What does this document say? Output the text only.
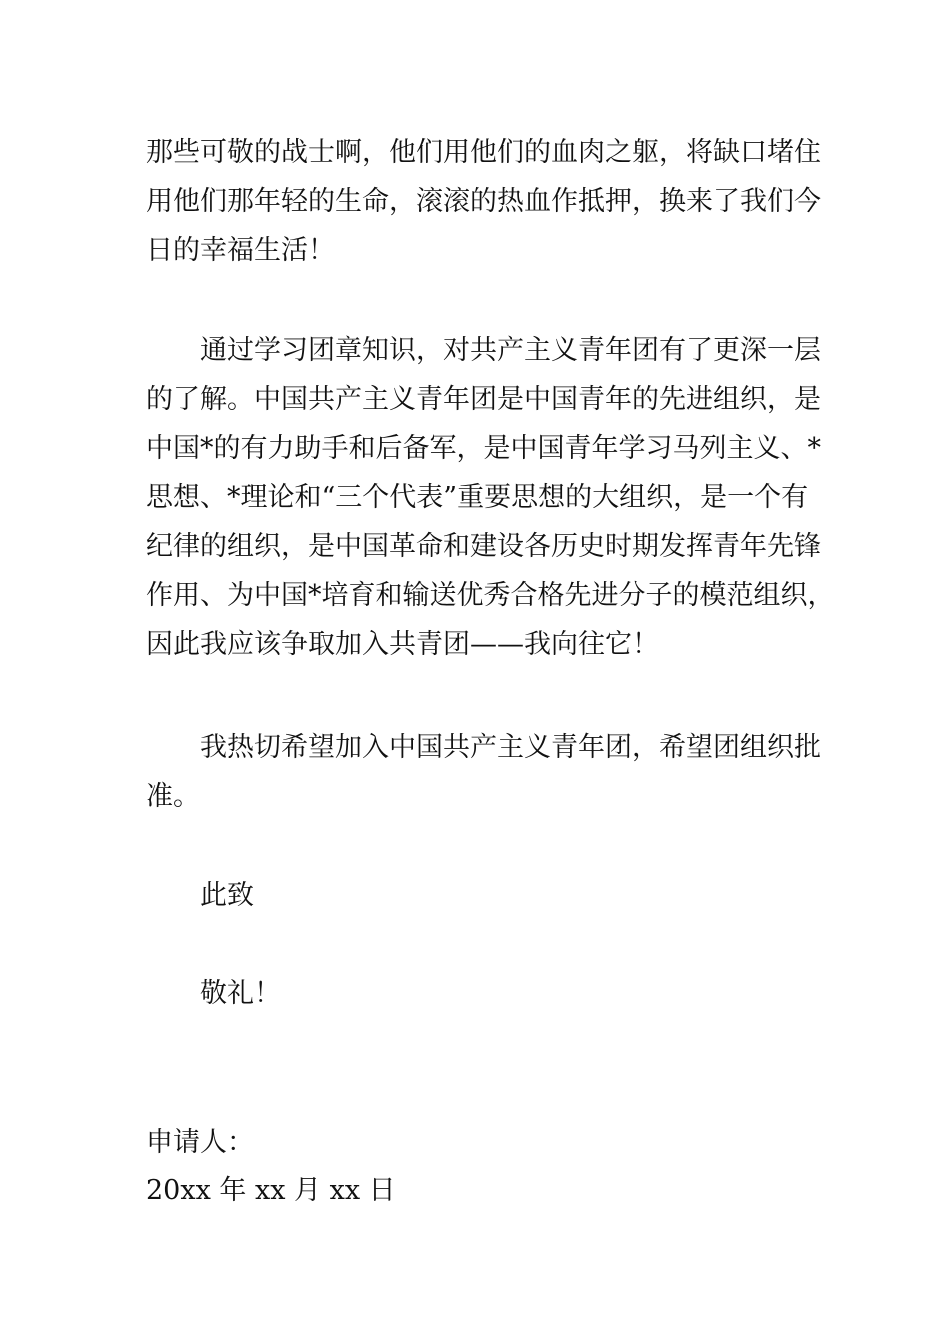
那些可敬的战士啊，他们用他们的血肉之躯，将缺口堵住
用他们那年轻的生命，滚滚的热血作抵押，换来了我们今
日的幸福生活！
通过学习团章知识，对共产主义青年团有了更深一层
的了解。中国共产主义青年团是中国青年的先进组织，是
中国*的有力助手和后备军，是中国青年学习马列主义、*
思想、*理论和“三个代表”重要思想的大组织，是一个有
纪律的组织，是中国革命和建设各历史时期发挥青年先锋
作用、为中国*培育和输送优秀合格先进分子的模范组织，
因此我应该争取加入共青团——我向往它！
我热切希望加入中国共产主义青年团，希望团组织批
准。

此致

敬礼！

申请人：

20xx 年 xx 月 xx 日
